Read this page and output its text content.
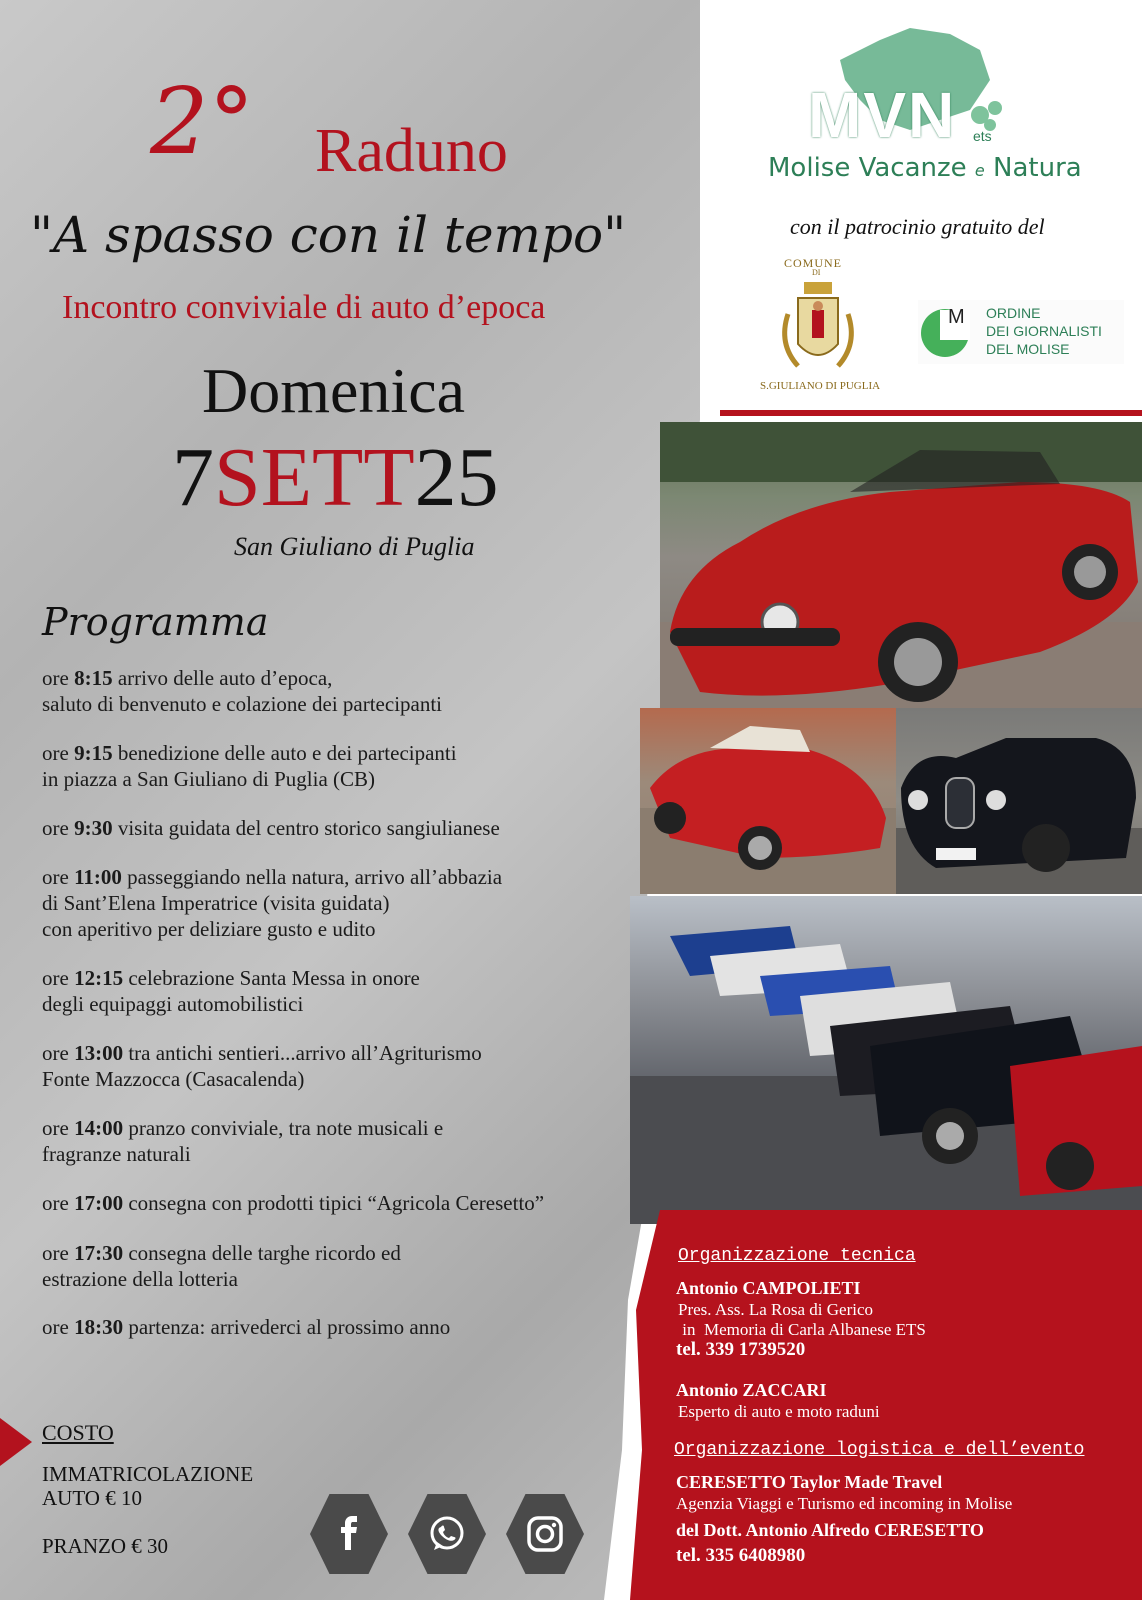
2° Raduno
"A spasso con il tempo"
Incontro conviviale di auto d’epoca
Domenica
7SETT25
San Giuliano di Puglia
Programma

ore 8:15 arrivo delle auto d’epoca,

saluto di benvenuto e colazione dei partecipanti

ore 9:15 benedizione delle auto e dei partecipanti

in piazza a San Giuliano di Puglia (CB)

ore 9:30 visita guidata del centro storico sangiulianese

ore 11:00 passeggiando nella natura, arrivo all’abbazia

di Sant’Elena Imperatrice (visita guidata)

con aperitivo per deliziare gusto e udito

ore 12:15 celebrazione Santa Messa in onore

degli equipaggi automobilistici

ore 13:00 tra antichi sentieri...arrivo all’Agriturismo

Fonte Mazzocca (Casacalenda)

ore 14:00 pranzo conviviale, tra note musicali e

fragranze naturali

ore 17:00 consegna con prodotti tipici “Agricola Ceresetto”

ore 17:30 consegna delle targhe ricordo ed

estrazione della lotteria

ore 18:30 partenza: arrivederci al prossimo anno

COSTO
IMMATRICOLAZIONE
AUTO € 10
PRANZO € 30
MVN ets
Molise Vacanze e Natura
con il patrocinio gratuito del
COMUNE
DI
S.GIULIANO DI PUGLIA
M ORDINE
DEI GIORNALISTI
DEL MOLISE
Organizzazione tecnica
Antonio CAMPOLIETI
Pres. Ass. La Rosa di Gerico
in  Memoria di Carla Albanese ETS
tel. 339 1739520
Antonio ZACCARI
Esperto di auto e moto raduni
Organizzazione logistica e dell’evento
CERESETTO Taylor Made Travel
Agenzia Viaggi e Turismo ed incoming in Molise
del Dott. Antonio Alfredo CERESETTO
tel. 335 6408980
